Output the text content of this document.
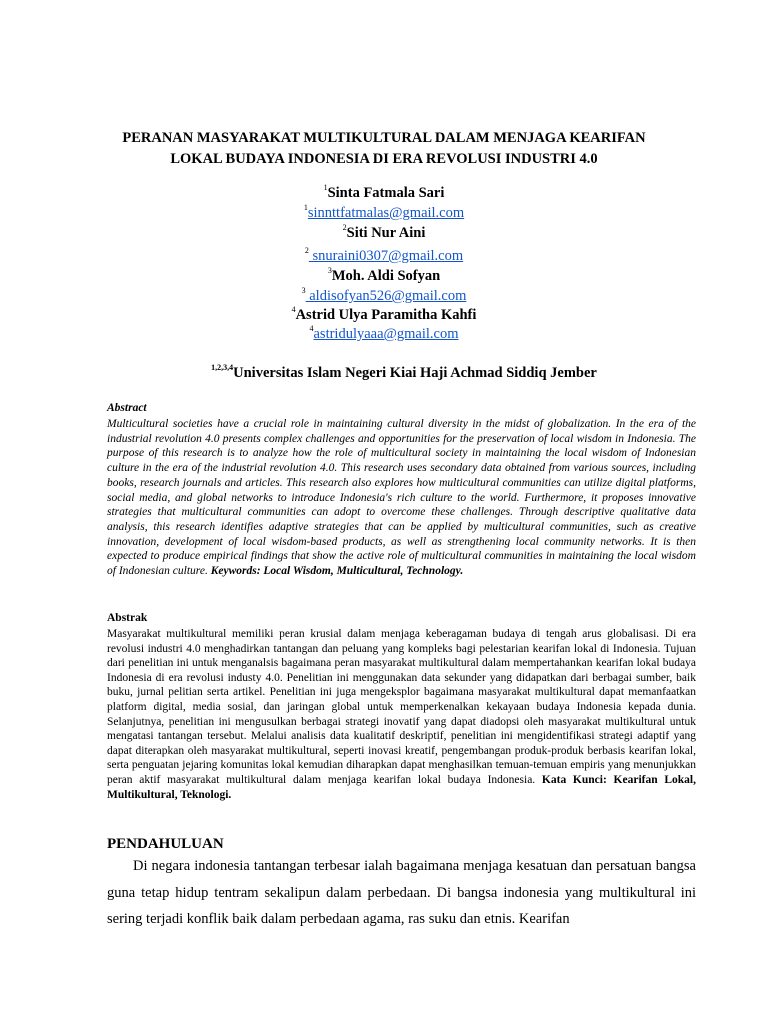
PERANAN MASYARAKAT MULTIKULTURAL DALAM MENJAGA KEARIFAN LOKAL BUDAYA INDONESIA DI ERA REVOLUSI INDUSTRI 4.0
$^1$Sinta Fatmala Sari
$^1$sinnttfatmalas@gmail.com
$^2$Siti Nur Aini
$^2$ snuraini0307@gmail.com
$^3$Moh. Aldi Sofyan
$^3$ aldisofyan526@gmail.com
$^4$Astrid Ulya Paramitha Kahfi
$^4$astridulyaaa@gmail.com
$^{1,2,3,4}$Universitas Islam Negeri Kiai Haji Achmad Siddiq Jember
Abstract
Multicultural societies have a crucial role in maintaining cultural diversity in the midst of globalization. In the era of the industrial revolution 4.0 presents complex challenges and opportunities for the preservation of local wisdom in Indonesia. The purpose of this research is to analyze how the role of multicultural society in maintaining the local wisdom of Indonesian culture in the era of the industrial revolution 4.0. This research uses secondary data obtained from various sources, including books, research journals and articles. This research also explores how multicultural communities can utilize digital platforms, social media, and global networks to introduce Indonesia's rich culture to the world. Furthermore, it proposes innovative strategies that multicultural communities can adopt to overcome these challenges. Through descriptive qualitative data analysis, this research identifies adaptive strategies that can be applied by multicultural communities, such as creative innovation, development of local wisdom-based products, as well as strengthening local community networks. It is then expected to produce empirical findings that show the active role of multicultural communities in maintaining the local wisdom of Indonesian culture. Keywords: Local Wisdom, Multicultural, Technology.
Abstrak
Masyarakat multikultural memiliki peran krusial dalam menjaga keberagaman budaya di tengah arus globalisasi. Di era revolusi industri 4.0 menghadirkan tantangan dan peluang yang kompleks bagi pelestarian kearifan lokal di Indonesia. Tujuan dari penelitian ini untuk menganalsis bagaimana peran masyarakat multikultural dalam mempertahankan kearifan lokal budaya Indonesia di era revolusi industy 4.0. Penelitian ini menggunakan data sekunder yang didapatkan dari berbagai sumber, baik buku, jurnal pelitian serta artikel. Penelitian ini juga mengeksplor bagaimana masyarakat multikultural dapat memanfaatkan platform digital, media sosial, dan jaringan global untuk memperkenalkan kekayaan budaya Indonesia kepada dunia. Selanjutnya, penelitian ini mengusulkan berbagai strategi inovatif yang dapat diadopsi oleh masyarakat multikultural untuk mengatasi tantangan tersebut. Melalui analisis data kualitatif deskriptif, penelitian ini mengidentifikasi strategi adaptif yang dapat diterapkan oleh masyarakat multikultural, seperti inovasi kreatif, pengembangan produk-produk berbasis kearifan lokal, serta penguatan jejaring komunitas lokal kemudian diharapkan dapat menghasilkan temuan-temuan empiris yang menunjukkan peran aktif masyarakat multikultural dalam menjaga kearifan lokal budaya Indonesia. Kata Kunci: Kearifan Lokal, Multikultural, Teknologi.
PENDAHULUAN
Di negara indonesia tantangan terbesar ialah bagaimana menjaga kesatuan dan persatuan bangsa guna tetap hidup tentram sekalipun dalam perbedaan. Di bangsa indonesia yang multikultural ini sering terjadi konflik baik dalam perbedaan agama, ras suku dan etnis. Kearifan
